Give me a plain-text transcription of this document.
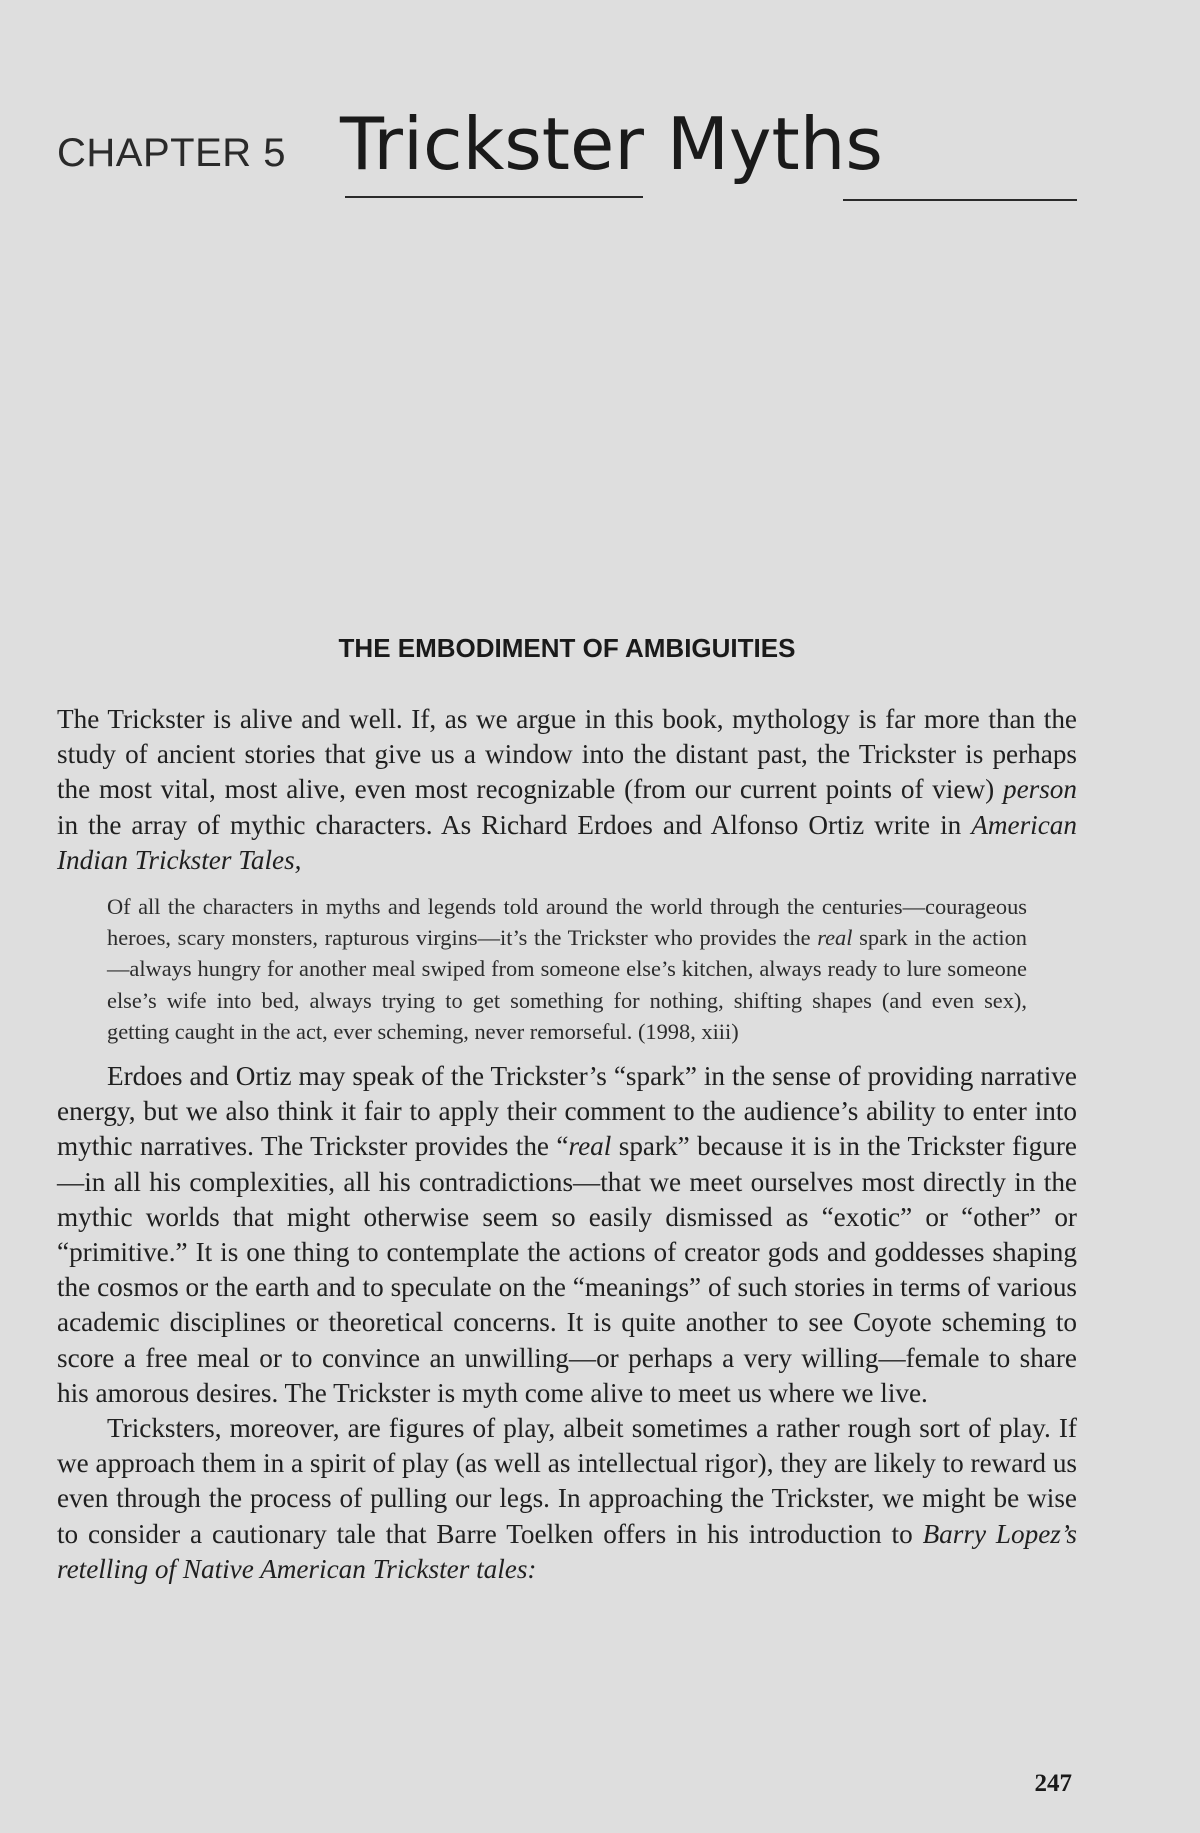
CHAPTER 5 Trickster Myths
THE EMBODIMENT OF AMBIGUITIES

The Trickster is alive and well. If, as we argue in this book, mythology is far more than the study of ancient stories that give us a window into the distant past, the Trickster is perhaps the most vital, most alive, even most recognizable (from our current points of view) person in the array of mythic characters. As Richard Erdoes and Alfonso Ortiz write in American Indian Trickster Tales,

Of all the characters in myths and legends told around the world through the centuries—courageous heroes, scary monsters, rapturous virgins—it’s the Trickster who provides the real spark in the action—always hungry for another meal swiped from someone else’s kitchen, always ready to lure someone else’s wife into bed, always trying to get something for nothing, shifting shapes (and even sex), getting caught in the act, ever scheming, never remorseful. (1998, xiii)

Erdoes and Ortiz may speak of the Trickster’s “spark” in the sense of providing narrative energy, but we also think it fair to apply their comment to the audience’s ability to enter into mythic narratives. The Trickster provides the “real spark” because it is in the Trickster figure—in all his complexities, all his contradictions—that we meet ourselves most directly in the mythic worlds that might otherwise seem so easily dismissed as “exotic” or “other” or “primitive.” It is one thing to contemplate the actions of creator gods and goddesses shaping the cosmos or the earth and to speculate on the “meanings” of such stories in terms of various academic disciplines or theoretical concerns. It is quite another to see Coyote scheming to score a free meal or to convince an unwilling—or perhaps a very willing—female to share his amorous desires. The Trickster is myth come alive to meet us where we live.

Tricksters, moreover, are figures of play, albeit sometimes a rather rough sort of play. If we approach them in a spirit of play (as well as intellectual rigor), they are likely to reward us even through the process of pulling our legs. In approaching the Trickster, we might be wise to consider a cautionary tale that Barre Toelken offers in his introduction to Barry Lopez’s retelling of Native American Trickster tales:

247
